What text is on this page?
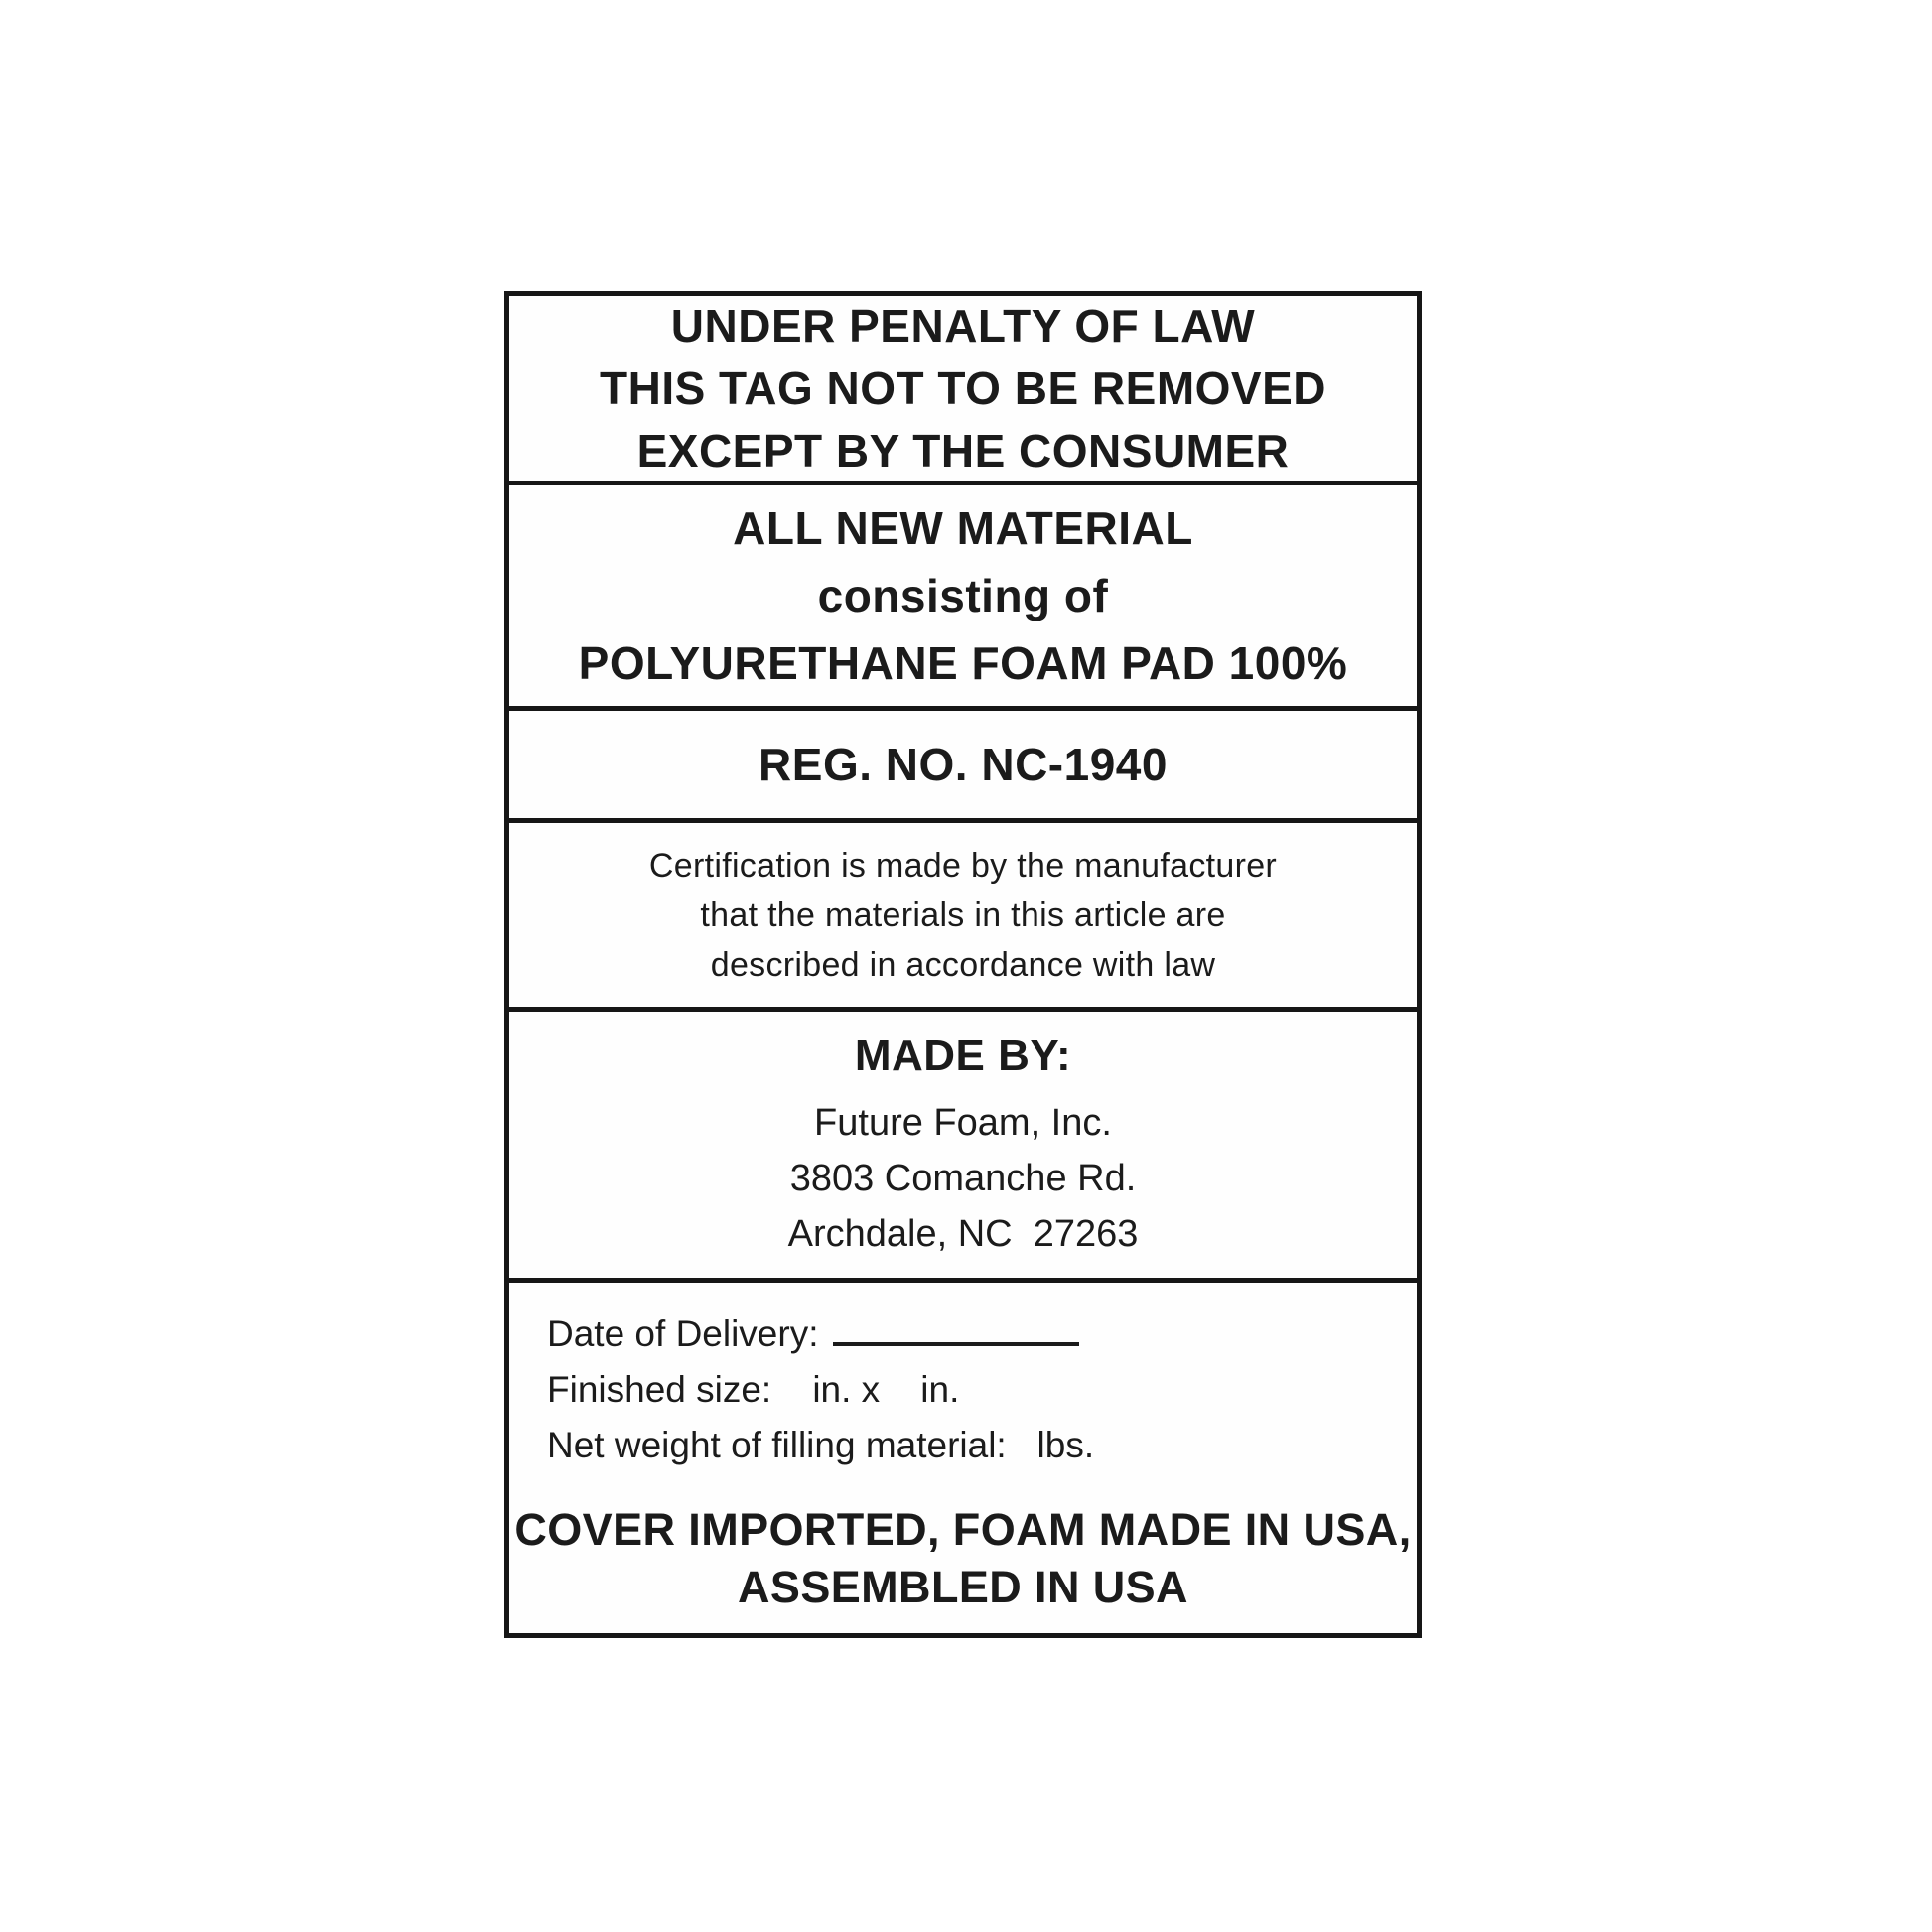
UNDER PENALTY OF LAW
THIS TAG NOT TO BE REMOVED
EXCEPT BY THE CONSUMER
ALL NEW MATERIAL
consisting of
POLYURETHANE FOAM PAD 100%
REG. NO. NC-1940
Certification is made by the manufacturer
that the materials in this article are
described in accordance with law
MADE BY:
Future Foam, Inc.
3803 Comanche Rd.
Archdale, NC  27263
Date of Delivery:
Finished size:    in. x    in.
Net weight of filling material:   lbs.
COVER IMPORTED, FOAM MADE IN USA,
ASSEMBLED IN USA
